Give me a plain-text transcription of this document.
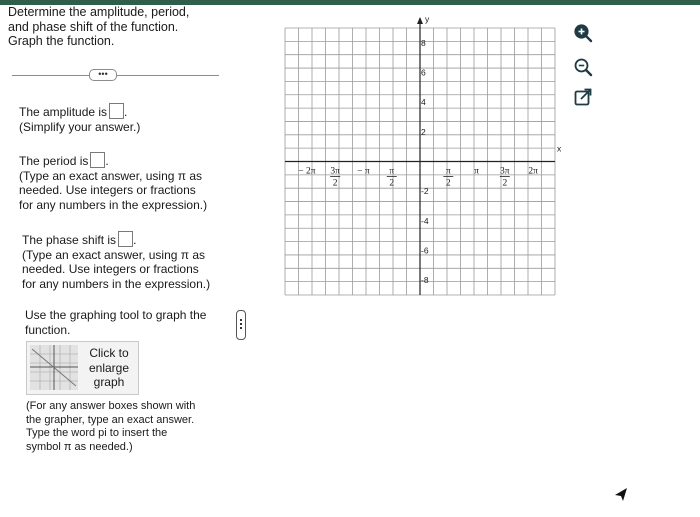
Determine the amplitude, period,
and phase shift of the function.
Graph the function.
•••
The amplitude is .
(Simplify your answer.)
The period is .
(Type an exact answer, using π as
needed. Use integers or fractions
for any numbers in the expression.)
The phase shift is .
(Type an exact answer, using π as
needed. Use integers or fractions
for any numbers in the expression.)
Use the graphing tool to graph the
function.
Click to
enlarge
graph
(For any answer boxes shown with
the grapher, type an exact answer.
Type the word pi to insert the
symbol π as needed.)
y
x
− 2π 3π
2
− π π
2
π
2
π 3π
2
2π
8
6
4
2
-2
-4
-6
-8
